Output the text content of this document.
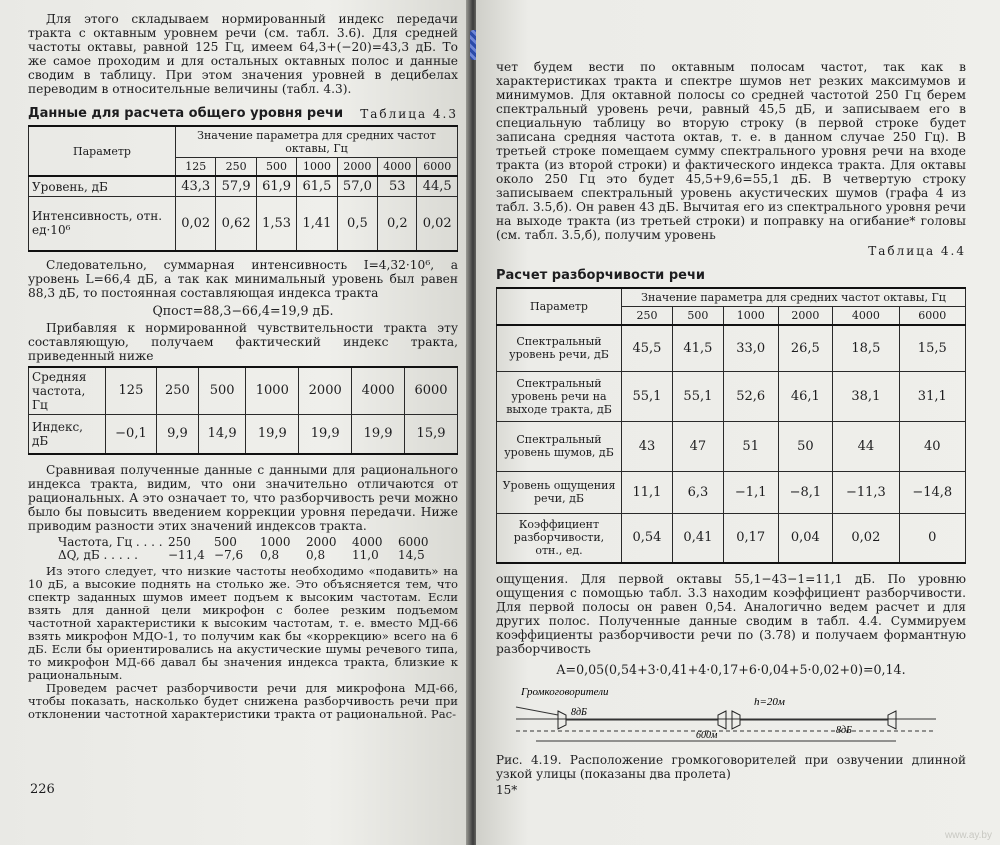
Для этого складываем нормированный индекс передачи тракта с октавным уровнем речи (см. табл. 3.6). Для средней частоты октавы, равной 125 Гц, имеем 64,3+(−20)=43,3 дБ. То же самое проходим и для остальных октавных полос и данные сводим в таблицу. При этом значения уровней в децибелах переводим в относительные величины (табл. 4.3).

Данные для расчета общего уровня речи	Таблица 4.3
Параметр	Значение параметра для средних частот октавы, Гц						
	125	250	500	1000	2000	4000	6000
Уровень, дБ	43,3	57,9	61,9	61,5	57,0	53	44,5
Интенсивность, отн. ед·10⁶	0,02	0,62	1,53	1,41	0,5	0,2	0,02

Следовательно, суммарная интенсивность I=4,32·10⁶, а уровень L=66,4 дБ, а так как минимальный уровень был равен 88,3 дБ, то постоянная составляющая индекса тракта

Qпост=88,3−66,4=19,9 дБ.

Прибавляя к нормированной чувствительности тракта эту составляющую, получаем фактический индекс тракта, приведенный ниже

Средняя частота, Гц	125	250	500	1000	2000	4000	6000
Индекс, дБ	−0,1	9,9	14,9	19,9	19,9	19,9	15,9

Сравнивая полученные данные с данными для рационального индекса тракта, видим, что они значительно отличаются от рациональных. А это означает то, что разборчивость речи можно было бы повысить введением коррекции уровня передачи. Ниже приводим разности этих значений индексов тракта.

Частота, Гц . . . . 250	500	1000	2000	4000	6000
ΔQ, дБ . . . . .	−11,4 −7,6	0,8	0,8	11,0	14,5

Из этого следует, что низкие частоты необходимо «подавить» на 10 дБ, а высокие поднять на столько же. Это объясняется тем, что спектр заданных шумов имеет подъем к высоким частотам. Если взять для данной цели микрофон с более резким подъемом частотной характеристики к высоким частотам, т. е. вместо МД-66 взять микрофон МДО-1, то получим как бы «коррекцию» всего на 6 дБ. Если бы ориентировались на акустические шумы речевого типа, то микрофон МД-66 давал бы значения индекса тракта, близкие к рациональным.

Проведем расчет разборчивости речи для микрофона МД-66, чтобы показать, насколько будет снижена разборчивость речи при отклонении частотной характеристики тракта от рациональной. Рас-

226

чет будем вести по октавным полосам частот, так как в характеристиках тракта и спектре шумов нет резких максимумов и минимумов. Для октавной полосы со средней частотой 250 Гц берем спектральный уровень речи, равный 45,5 дБ, и записываем его в специальную таблицу во вторую строку (в первой строке будет записана средняя частота октав, т. е. в данном случае 250 Гц). В третьей строке помещаем сумму спектрального уровня речи на входе тракта (из второй строки) и фактического индекса тракта. Для октавы около 250 Гц это будет 45,5+9,6=55,1 дБ. В четвертую строку записываем спектральный уровень акустических шумов (графа 4 из табл. 3.5,б). Он равен 43 дБ. Вычитая его из спектрального уровня речи на выходе тракта (из третьей строки) и поправку на огибание* головы (см. табл. 3.5,б), получим уровень

Таблица 4.4
Расчет разборчивости речи
Параметр	Значение параметра для средних частот октавы, Гц					
	250	500	1000	2000	4000	6000
Спектральный уровень речи, дБ	45,5	41,5	33,0	26,5	18,5	15,5
Спектральный уровень речи на выходе тракта, дБ	55,1	55,1	52,6	46,1	38,1	31,1
Спектральный уровень шумов, дБ	43	47	51	50	44	40
Уровень ощущения речи, дБ	11,1	6,3	−1,1	−8,1	−11,3	−14,8
Коэффициент разборчивости, отн., ед.	0,54	0,41	0,17	0,04	0,02	0

ощущения. Для первой октавы 55,1−43−1=11,1 дБ. По уровню ощущения с помощью табл. 3.3 находим коэффициент разборчивости. Для первой полосы он равен 0,54. Аналогично ведем расчет и для других полос. Полученные данные сводим в табл. 4.4. Суммируем коэффициенты разборчивости речи по (3.78) и получаем формантную разборчивость

A=0,05(0,54+3·0,41+4·0,17+6·0,04+5·0,02+0)=0,14.
Громкоговорители
h=20м
8дБ
8дБ
600м

Рис. 4.19. Расположение громкоговорителей при озвучении длинной узкой улицы (показаны два пролета)

15*
www.ay.by
